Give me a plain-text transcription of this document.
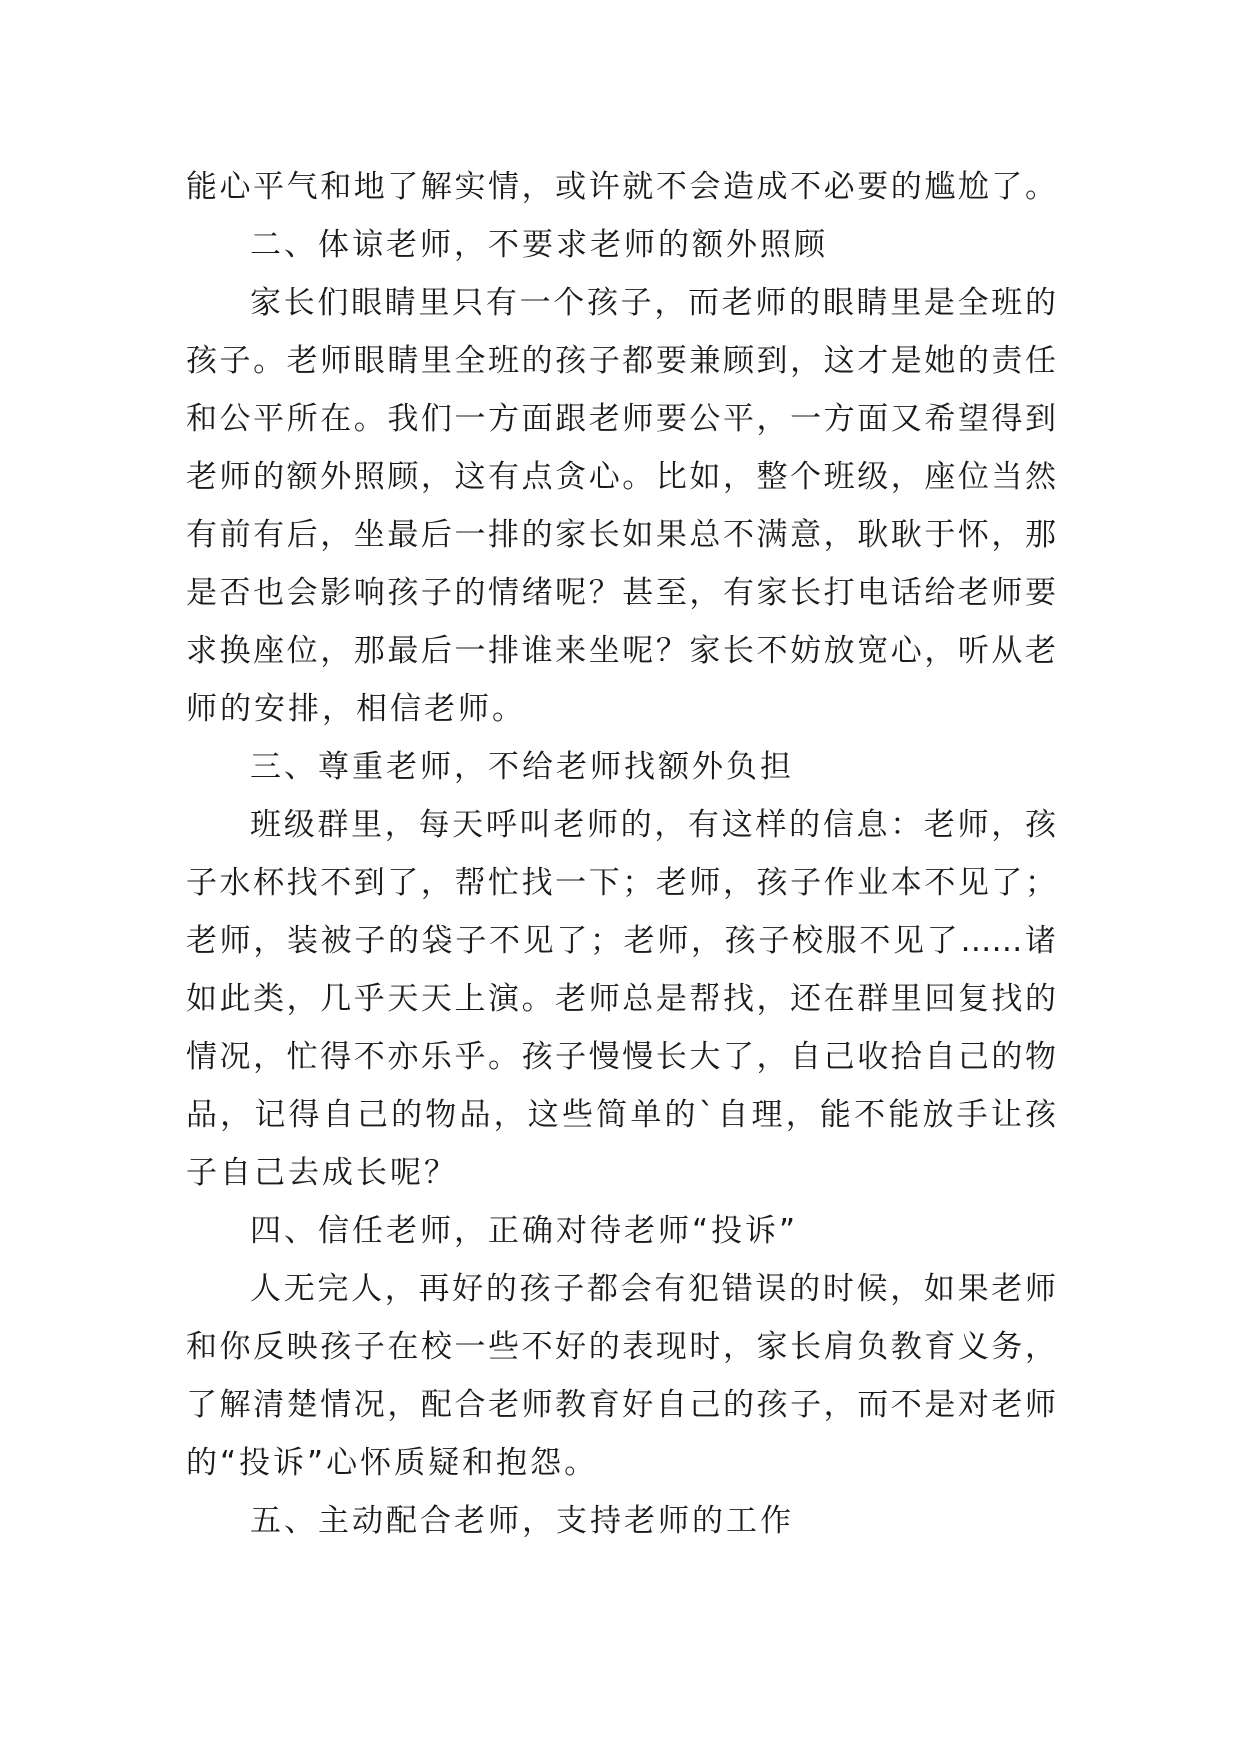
能心平气和地了解实情，或许就不会造成不必要的尴尬了。
二、体谅老师，不要求老师的额外照顾
家长们眼睛里只有一个孩子，而老师的眼睛里是全班的
孩子。老师眼睛里全班的孩子都要兼顾到，这才是她的责任
和公平所在。我们一方面跟老师要公平，一方面又希望得到
老师的额外照顾，这有点贪心。比如，整个班级，座位当然
有前有后，坐最后一排的家长如果总不满意，耿耿于怀，那
是否也会影响孩子的情绪呢？甚至，有家长打电话给老师要
求换座位，那最后一排谁来坐呢？家长不妨放宽心，听从老
师的安排，相信老师。
三、尊重老师，不给老师找额外负担
班级群里，每天呼叫老师的，有这样的信息：老师，孩
子水杯找不到了，帮忙找一下；老师，孩子作业本不见了；
老师，装被子的袋子不见了；老师，孩子校服不见了……诸
如此类，几乎天天上演。老师总是帮找，还在群里回复找的
情况，忙得不亦乐乎。孩子慢慢长大了，自己收拾自己的物
品，记得自己的物品，这些简单的`自理，能不能放手让孩
子自己去成长呢？
四、信任老师，正确对待老师“投诉”
人无完人，再好的孩子都会有犯错误的时候，如果老师
和你反映孩子在校一些不好的表现时，家长肩负教育义务，
了解清楚情况，配合老师教育好自己的孩子，而不是对老师
的“投诉”心怀质疑和抱怨。
五、主动配合老师，支持老师的工作
